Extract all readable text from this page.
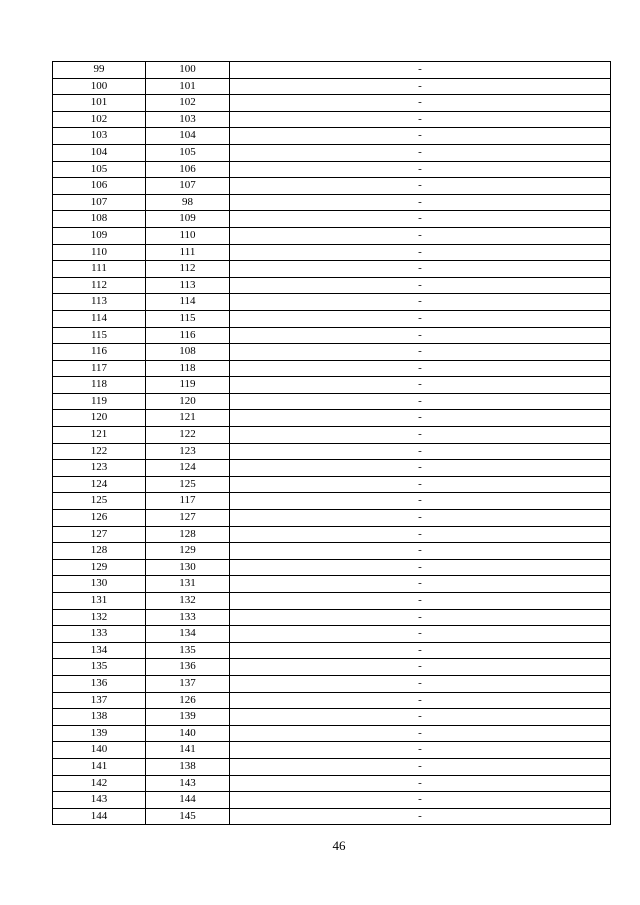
99	100	-
100	101	-
101	102	-
102	103	-
103	104	-
104	105	-
105	106	-
106	107	-
107	98	-
108	109	-
109	110	-
110	111	-
111	112	-
112	113	-
113	114	-
114	115	-
115	116	-
116	108	-
117	118	-
118	119	-
119	120	-
120	121	-
121	122	-
122	123	-
123	124	-
124	125	-
125	117	-
126	127	-
127	128	-
128	129	-
129	130	-
130	131	-
131	132	-
132	133	-
133	134	-
134	135	-
135	136	-
136	137	-
137	126	-
138	139	-
139	140	-
140	141	-
141	138	-
142	143	-
143	144	-
144	145	-
46
